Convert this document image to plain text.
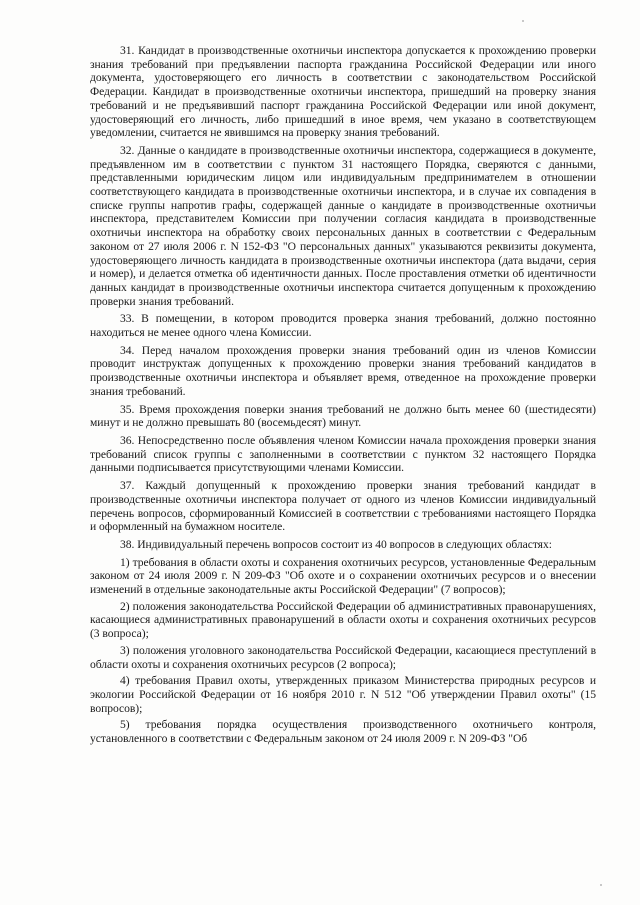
31. Кандидат в производственные охотничьи инспектора допускается к прохождению проверки знания требований при предъявлении паспорта гражданина Российской Федерации или иного документа, удостоверяющего его личность в соответствии с законодательством Российской Федерации. Кандидат в производственные охотничьи инспектора, пришедший на проверку знания требований и не предъявивший паспорт гражданина Российской Федерации или иной документ, удостоверяющий его личность, либо пришедший в иное время, чем указано в соответствующем уведомлении, считается не явившимся на проверку знания требований.

32. Данные о кандидате в производственные охотничьи инспектора, содержащиеся в документе, предъявленном им в соответствии с пунктом 31 настоящего Порядка, сверяются с данными, представленными юридическим лицом или индивидуальным предпринимателем в отношении соответствующего кандидата в производственные охотничьи инспектора, и в случае их совпадения в списке группы напротив графы, содержащей данные о кандидате в производственные охотничьи инспектора, представителем Комиссии при получении согласия кандидата в производственные охотничьи инспектора на обработку своих персональных данных в соответствии с Федеральным законом от 27 июля 2006 г. N 152-ФЗ "О персональных данных" указываются реквизиты документа, удостоверяющего личность кандидата в производственные охотничьи инспектора (дата выдачи, серия и номер), и делается отметка об идентичности данных. После проставления отметки об идентичности данных кандидат в производственные охотничьи инспектора считается допущенным к прохождению проверки знания требований.

33. В помещении, в котором проводится проверка знания требований, должно постоянно находиться не менее одного члена Комиссии.

34. Перед началом прохождения проверки знания требований один из членов Комиссии проводит инструктаж допущенных к прохождению проверки знания требований кандидатов в производственные охотничьи инспектора и объявляет время, отведенное на прохождение проверки знания требований.

35. Время прохождения поверки знания требований не должно быть менее 60 (шестидесяти) минут и не должно превышать 80 (восемьдесят) минут.

36. Непосредственно после объявления членом Комиссии начала прохождения проверки знания требований список группы с заполненными в соответствии с пунктом 32 настоящего Порядка данными подписывается присутствующими членами Комиссии.

37. Каждый допущенный к прохождению проверки знания требований кандидат в производственные охотничьи инспектора получает от одного из членов Комиссии индивидуальный перечень вопросов, сформированный Комиссией в соответствии с требованиями настоящего Порядка и оформленный на бумажном носителе.

38. Индивидуальный перечень вопросов состоит из 40 вопросов в следующих областях:

1) требования в области охоты и сохранения охотничьих ресурсов, установленные Федеральным законом от 24 июля 2009 г. N 209-ФЗ "Об охоте и о сохранении охотничьих ресурсов и о внесении изменений в отдельные законодательные акты Российской Федерации" (7 вопросов);

2) положения законодательства Российской Федерации об административных правонарушениях, касающиеся административных правонарушений в области охоты и сохранения охотничьих ресурсов (3 вопроса);

3) положения уголовного законодательства Российской Федерации, касающиеся преступлений в области охоты и сохранения охотничьих ресурсов (2 вопроса);

4) требования Правил охоты, утвержденных приказом Министерства природных ресурсов и экологии Российской Федерации от 16 ноября 2010 г. N 512 "Об утверждении Правил охоты" (15 вопросов);

5) требования порядка осуществления производственного охотничьего контроля, установленного в соответствии с Федеральным законом от 24 июля 2009 г. N 209-ФЗ "Об
